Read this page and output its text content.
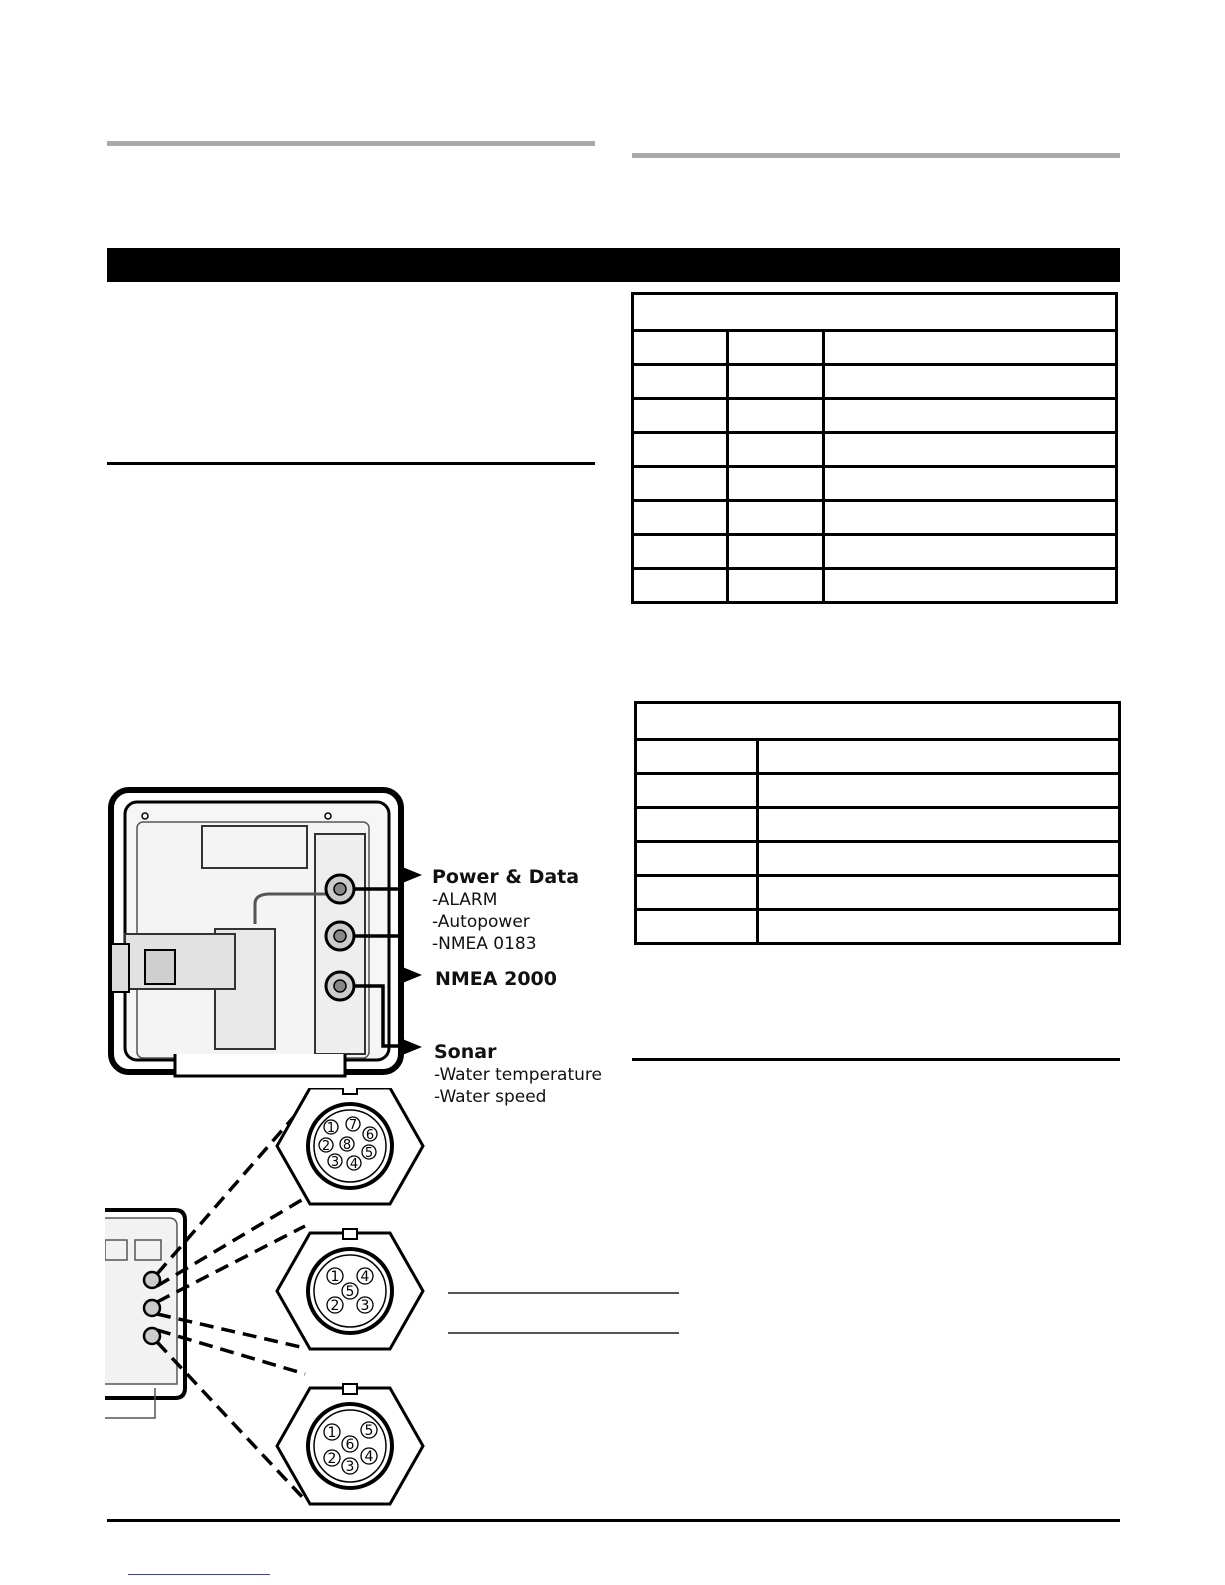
Power & Data
-ALARM
-Autopower
-NMEA 0183
NMEA 2000
Sonar
-Water temperature
-Water speed
1
2
3 4
5
6
7
8
1
2 3
4
5
1
2 3
4
5
6
